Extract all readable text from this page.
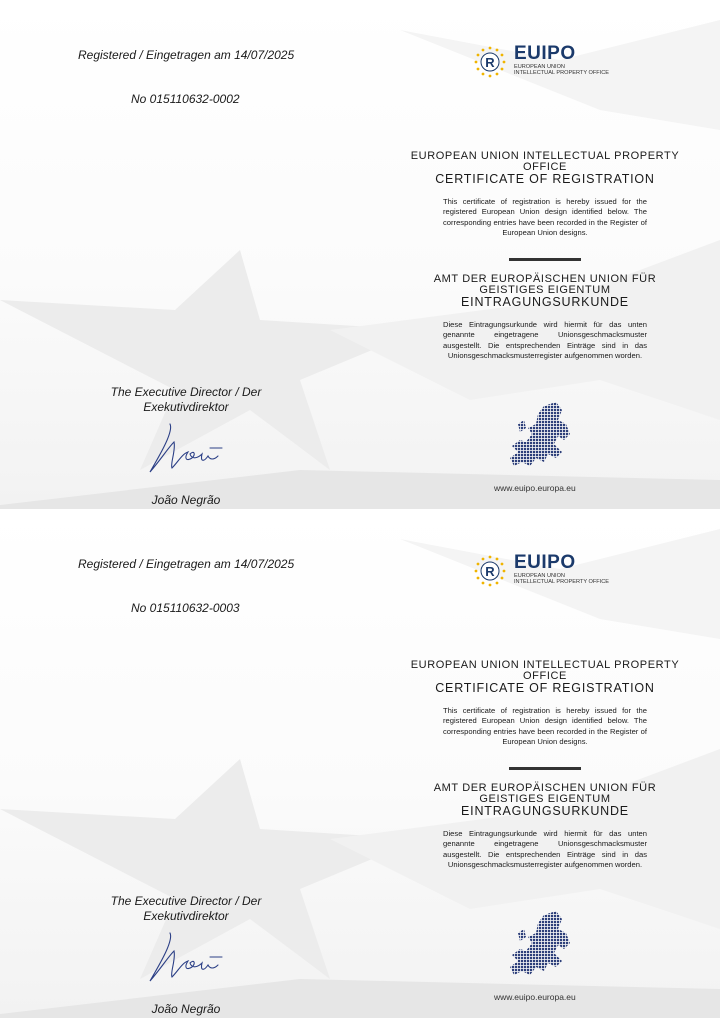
Registered / Eingetragen am 14/07/2025
No 015110632-0002
R EUIPO
EUROPEAN UNION
INTELLECTUAL PROPERTY OFFICE
EUROPEAN UNION INTELLECTUAL PROPERTY OFFICE
CERTIFICATE OF REGISTRATION
This certificate of registration is hereby issued for the registered European Union design identified below. The corresponding entries have been recorded in the Register of European Union designs.
AMT DER EUROPÄISCHEN UNION FÜR GEISTIGES EIGENTUM
EINTRAGUNGSURKUNDE
Diese Eintragungsurkunde wird hiermit für das unten genannte eingetragene Unionsgeschmacksmuster ausgestellt. Die entsprechenden Einträge sind in das Unionsgeschmacksmusterregister aufgenommen worden.
www.euipo.europa.eu
The Executive Director / Der Exekutivdirektor
João Negrão
Registered / Eingetragen am 14/07/2025
No 015110632-0003
R EUIPO
EUROPEAN UNION
INTELLECTUAL PROPERTY OFFICE
EUROPEAN UNION INTELLECTUAL PROPERTY OFFICE
CERTIFICATE OF REGISTRATION
This certificate of registration is hereby issued for the registered European Union design identified below. The corresponding entries have been recorded in the Register of European Union designs.
AMT DER EUROPÄISCHEN UNION FÜR GEISTIGES EIGENTUM
EINTRAGUNGSURKUNDE
Diese Eintragungsurkunde wird hiermit für das unten genannte eingetragene Unionsgeschmacksmuster ausgestellt. Die entsprechenden Einträge sind in das Unionsgeschmacksmusterregister aufgenommen worden.
www.euipo.europa.eu
The Executive Director / Der Exekutivdirektor
João Negrão
